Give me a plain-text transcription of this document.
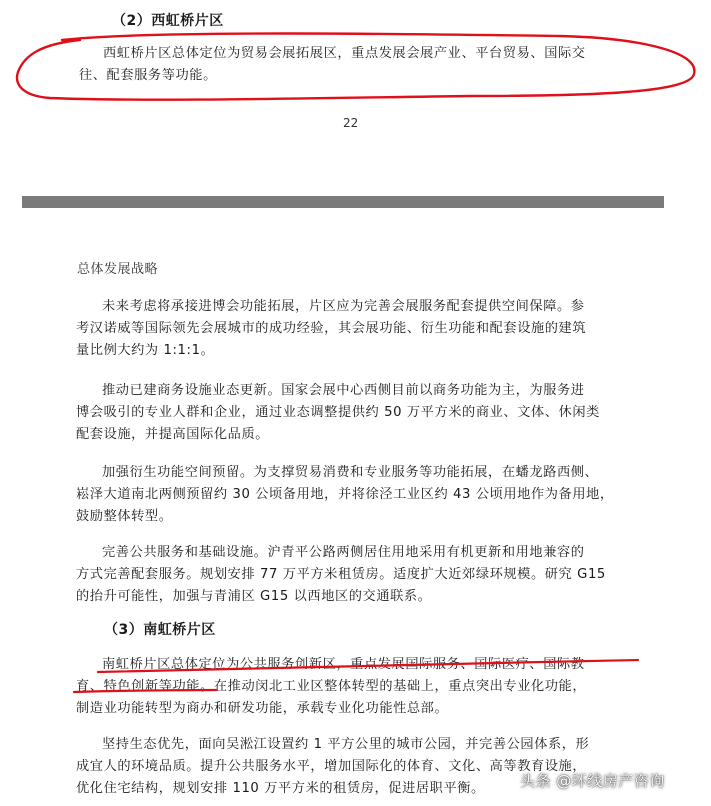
（2）西虹桥片区
西虹桥片区总体定位为贸易会展拓展区，重点发展会展产业、平台贸易、国际交
往、配套服务等功能。
22
总体发展战略
未来考虑将承接进博会功能拓展，片区应为完善会展服务配套提供空间保障。参
考汉诺威等国际领先会展城市的成功经验，其会展功能、衍生功能和配套设施的建筑
量比例大约为 1:1:1。
推动已建商务设施业态更新。国家会展中心西侧目前以商务功能为主，为服务进
博会吸引的专业人群和企业，通过业态调整提供约 50 万平方米的商业、文体、休闲类
配套设施，并提高国际化品质。
加强衍生功能空间预留。为支撑贸易消费和专业服务等功能拓展，在蟠龙路西侧、
崧泽大道南北两侧预留约 30 公顷备用地，并将徐泾工业区约 43 公顷用地作为备用地，
鼓励整体转型。
完善公共服务和基础设施。沪青平公路两侧居住用地采用有机更新和用地兼容的
方式完善配套服务。规划安排 77 万平方米租赁房。适度扩大近郊绿环规模。研究 G15
的抬升可能性，加强与青浦区 G15 以西地区的交通联系。
（3）南虹桥片区
南虹桥片区总体定位为公共服务创新区，重点发展国际服务、国际医疗、国际教
育、特色创新等功能。在推动闵北工业区整体转型的基础上，重点突出专业化功能，
制造业功能转型为商办和研发功能，承载专业化功能性总部。
坚持生态优先，面向吴淞江设置约 1 平方公里的城市公园，并完善公园体系，形
成宜人的环境品质。提升公共服务水平，增加国际化的体育、文化、高等教育设施，
优化住宅结构，规划安排 110 万平方米的租赁房，促进居职平衡。	头条 @环线房产咨询
